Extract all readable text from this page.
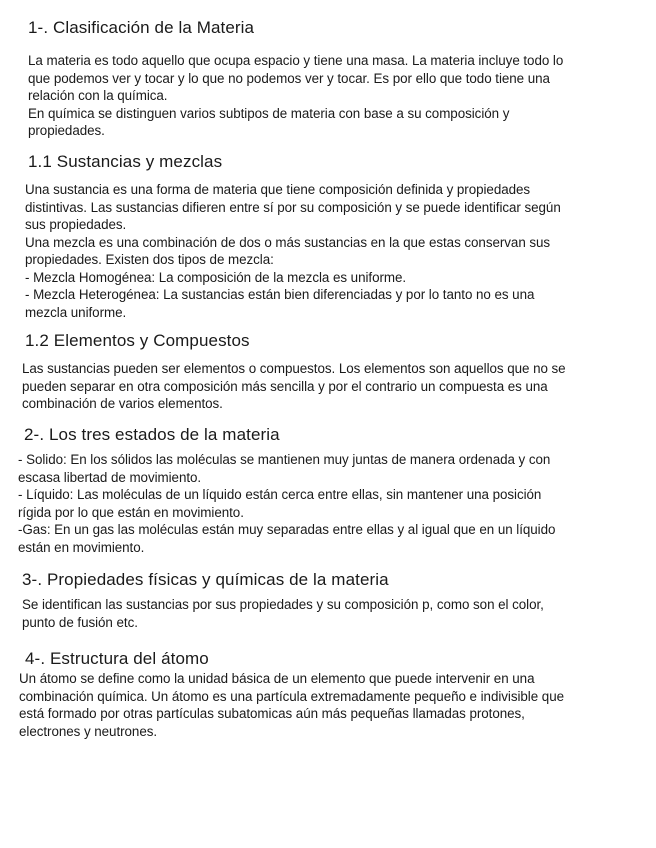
1-. Clasificación de la Materia

La materia es todo aquello que ocupa espacio y tiene una masa. La materia incluye todo lo
que podemos ver y tocar y lo que no podemos ver y tocar. Es por ello que todo tiene una
relación con la química.
En química se distinguen varios subtipos de materia con base a su composición y
propiedades.

1.1 Sustancias y mezclas

Una sustancia es una forma de materia que tiene composición definida y propiedades
distintivas. Las sustancias difieren entre sí por su composición y se puede identificar según
sus propiedades.
Una mezcla es una combinación de dos o más sustancias en la que estas conservan sus
propiedades. Existen dos tipos de mezcla:
- Mezcla Homogénea: La composición de la mezcla es uniforme.
- Mezcla Heterogénea: La sustancias están bien diferenciadas y por lo tanto no es una
mezcla uniforme.

1.2 Elementos y Compuestos

Las sustancias pueden ser elementos o compuestos. Los elementos son aquellos que no se
pueden separar en otra composición más sencilla y por el contrario un compuesta es una
combinación de varios elementos.

2-. Los tres estados de la materia

- Solido: En los sólidos las moléculas se mantienen muy juntas de manera ordenada y con
escasa libertad de movimiento.
- Líquido: Las moléculas de un líquido están cerca entre ellas, sin mantener una posición
rígida por lo que están en movimiento.
-Gas: En un gas las moléculas están muy separadas entre ellas y al igual que en un líquido
están en movimiento.

3-. Propiedades físicas y químicas de la materia

Se identifican las sustancias por sus propiedades y su composición p, como son el color,
punto de fusión etc.

4-. Estructura del átomo

Un átomo se define como la unidad básica de un elemento que puede intervenir en una
combinación química. Un átomo es una partícula extremadamente pequeño e indivisible que
está formado por otras partículas subatomicas aún más pequeñas llamadas protones,
electrones y neutrones.
